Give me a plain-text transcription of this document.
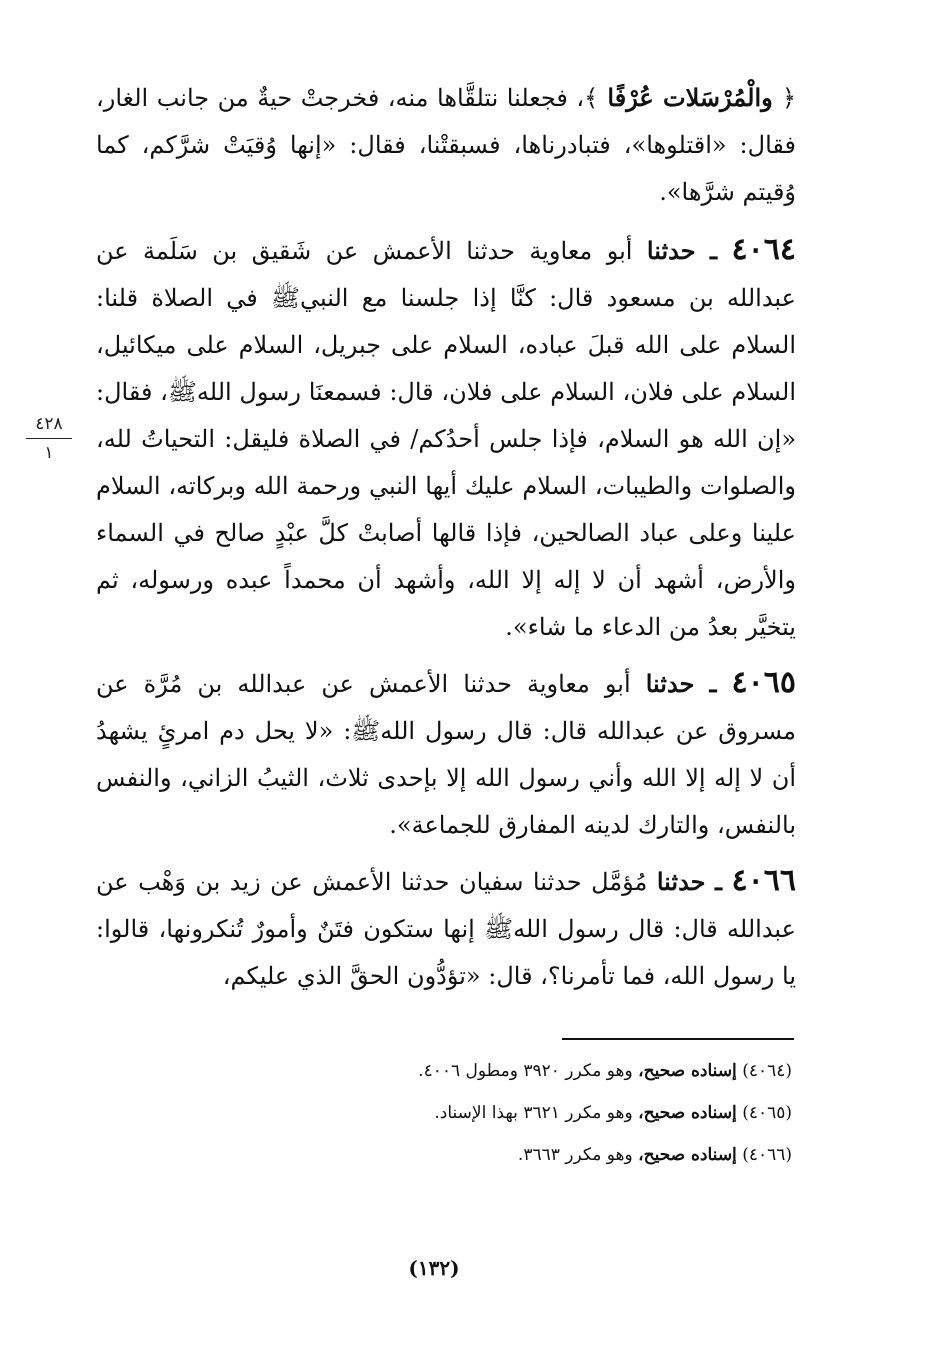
﴿ والْمُرْسَلات عُرْفًا ﴾، فجعلنا نتلقَّاها منه، فخرجتْ حيةٌ من جانب الغار، فقال: «اقتلوها»، فتبادرناها، فسبقتْنا، فقال: «إنها وُقيَتْ شرَّكم، كما وُقيتم شرَّها».

٤٠٦٤ ـ حدثنا أبو معاوية حدثنا الأعمش عن شَقيق بن سَلَمة عن عبدالله بن مسعود قال: كنَّا إذا جلسنا مع النبيﷺ في الصلاة قلنا: السلام على الله قبلَ عباده، السلام على جبريل، السلام على ميكائيل، السلام على فلان، السلام على فلان، قال: فسمعنَا رسول اللهﷺ، فقال: «إن الله هو السلام، فإذا جلس أحدُكم/ في الصلاة فليقل: التحياتُ لله، والصلوات والطيبات، السلام عليك أيها النبي ورحمة الله وبركاته، السلام علينا وعلى عباد الصالحين، فإذا قالها أصابتْ كلَّ عبْدٍ صالح في السماء والأرض، أشهد أن لا إله إلا الله، وأشهد أن محمداً عبده ورسوله، ثم يتخيَّر بعدُ من الدعاء ما شاء».

٤٠٦٥ ـ حدثنا أبو معاوية حدثنا الأعمش عن عبدالله بن مُرَّة عن مسروق عن عبدالله قال: قال رسول اللهﷺ: «لا يحل دم امرئٍ يشهدُ أن لا إله إلا الله وأني رسول الله إلا بإحدى ثلاث، الثيبُ الزاني، والنفس بالنفس، والتارك لدينه المفارق للجماعة».

٤٠٦٦ ـ حدثنا مُؤمَّل حدثنا سفيان حدثنا الأعمش عن زيد بن وَهْب عن عبدالله قال: قال رسول اللهﷺ إنها ستكون فتَنٌ وأمورٌ تُنكرونها، قالوا: يا رسول الله، فما تأمرنا؟، قال: «تؤدُّون الحقَّ الذي عليكم،

٤٢٨
١
(٤٠٦٤) إسناده صحيح، وهو مكرر ٣٩٢٠ ومطول ٤٠٠٦.
(٤٠٦٥) إسناده صحيح، وهو مكرر ٣٦٢١ بهذا الإسناد.
(٤٠٦٦) إسناده صحيح، وهو مكرر ٣٦٦٣.
(١٣٢)
